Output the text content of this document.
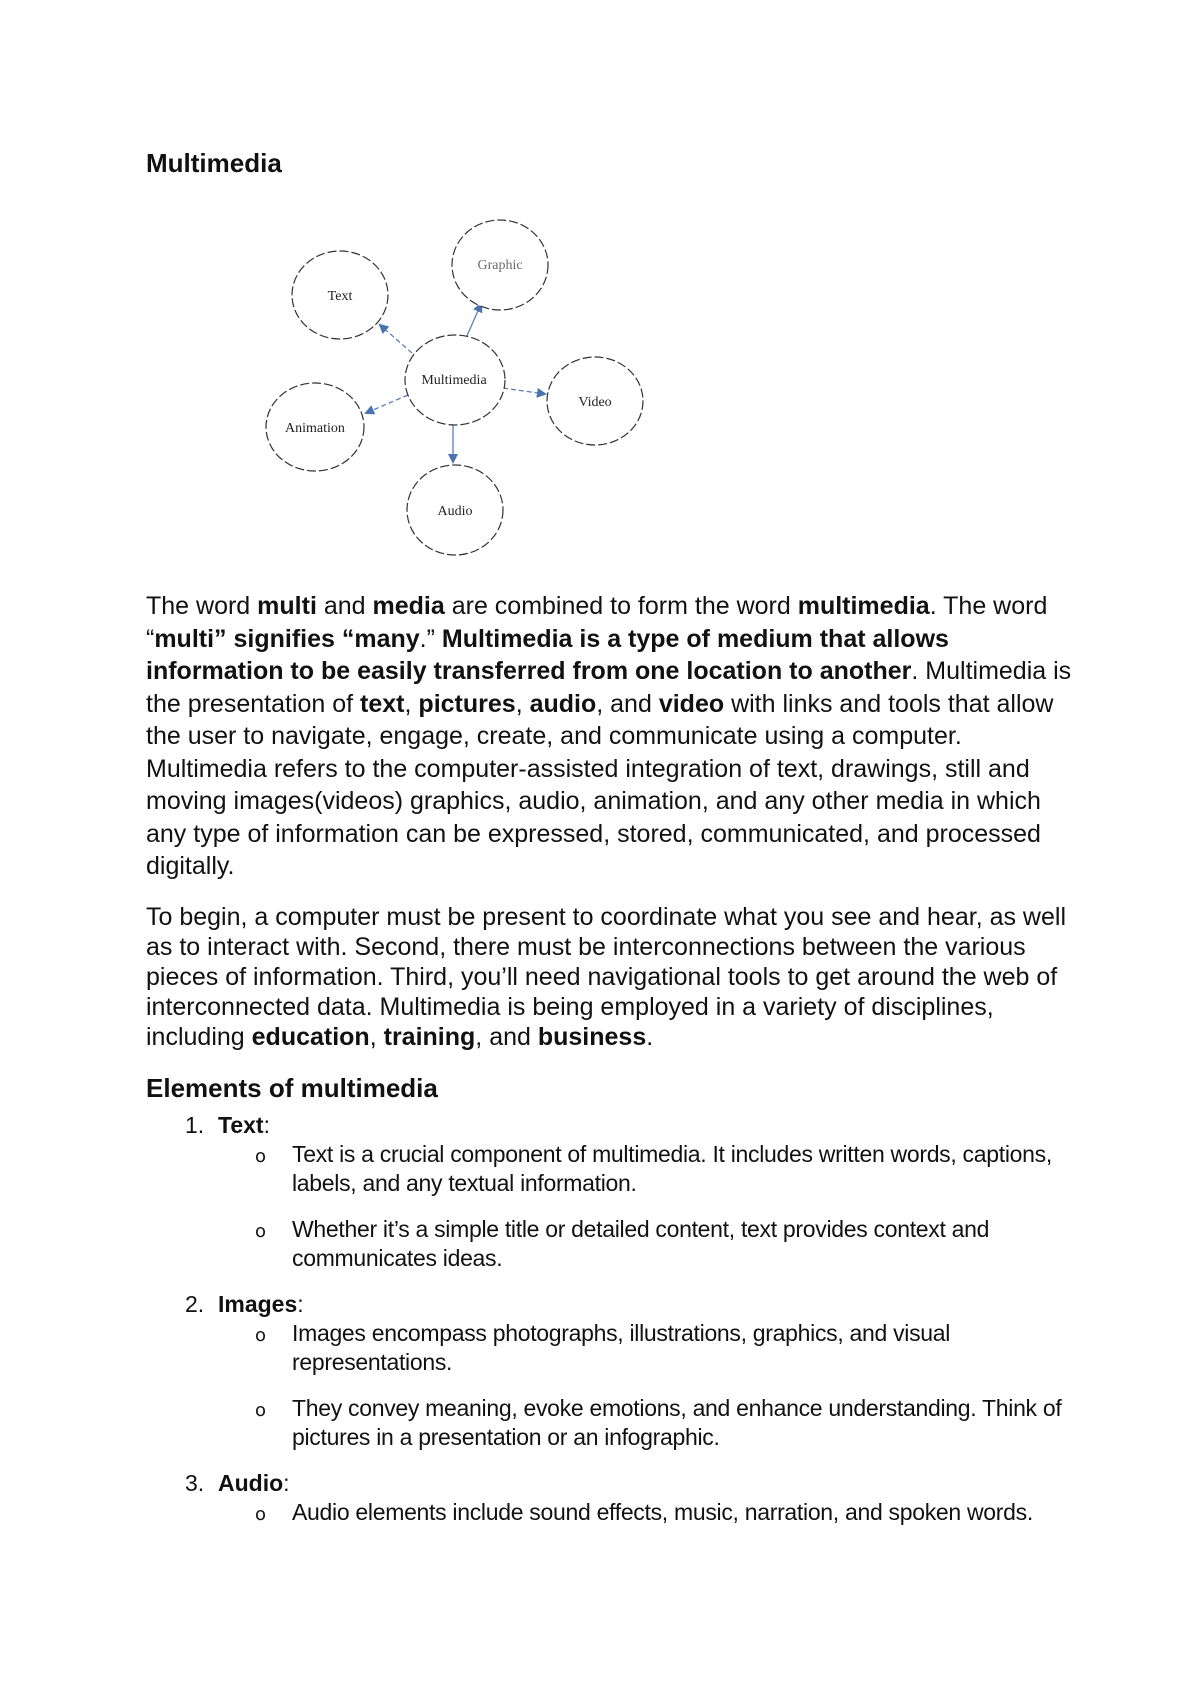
Multimedia
Text
Graphic
Multimedia
Video
Animation
Audio

The word multi and media are combined to form the word multimedia. The word “multi” signifies “many.” Multimedia is a type of medium that allows information to be easily transferred from one location to another. Multimedia is the presentation of text, pictures, audio, and video with links and tools that allow the user to navigate, engage, create, and communicate using a computer. Multimedia refers to the computer-assisted integration of text, drawings, still and moving images(videos) graphics, audio, animation, and any other media in which any type of information can be expressed, stored, communicated, and processed digitally.

To begin, a computer must be present to coordinate what you see and hear, as well as to interact with. Second, there must be interconnections between the various pieces of information. Third, you’ll need navigational tools to get around the web of interconnected data. Multimedia is being employed in a variety of disciplines, including education, training, and business.

Elements of multimedia
1. Text:
o Text is a crucial component of multimedia. It includes written words, captions, labels, and any textual information.
o Whether it’s a simple title or detailed content, text provides context and communicates ideas.
2. Images:
o Images encompass photographs, illustrations, graphics, and visual representations.
o They convey meaning, evoke emotions, and enhance understanding. Think of pictures in a presentation or an infographic.
3. Audio:
o Audio elements include sound effects, music, narration, and spoken words.
